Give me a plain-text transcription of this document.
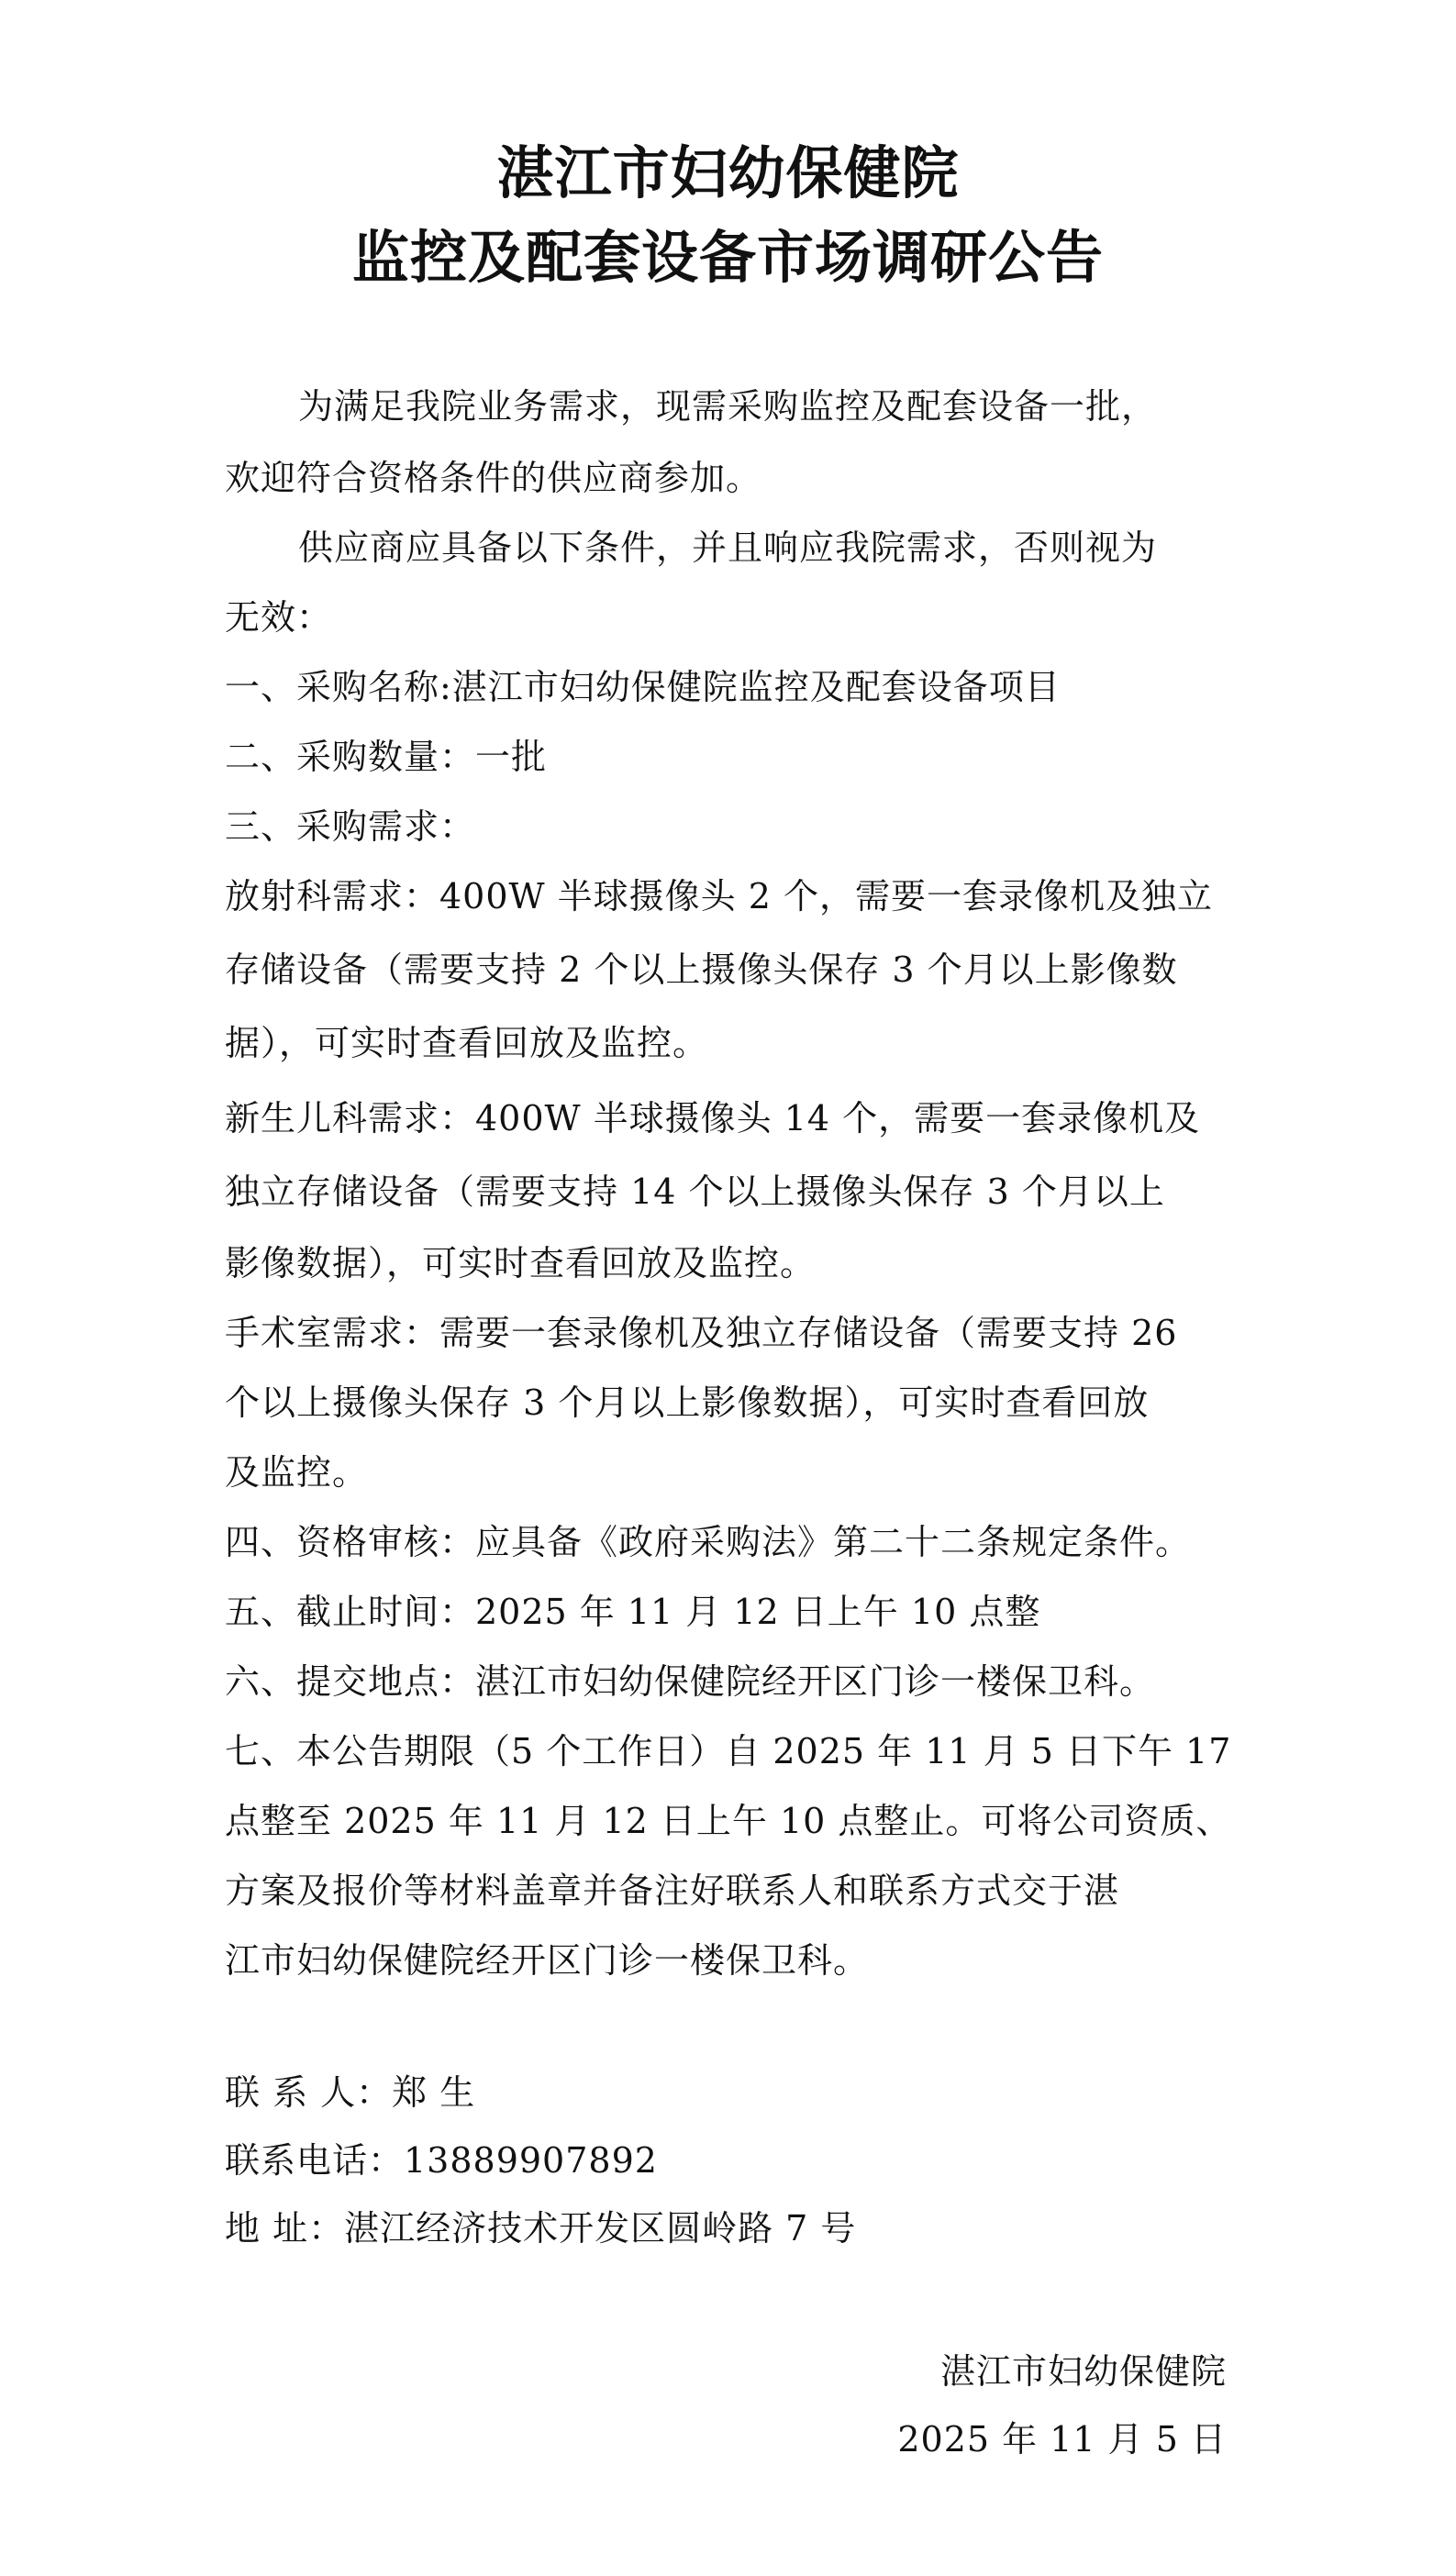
湛江市妇幼保健院
监控及配套设备市场调研公告
为满足我院业务需求，现需采购监控及配套设备一批，
欢迎符合资格条件的供应商参加。
供应商应具备以下条件，并且响应我院需求，否则视为
无效：
一、采购名称:湛江市妇幼保健院监控及配套设备项目
二、采购数量：一批
三、采购需求：
放射科需求：400W 半球摄像头 2 个，需要一套录像机及独立
存储设备（需要支持 2 个以上摄像头保存 3 个月以上影像数
据），可实时查看回放及监控。
新生儿科需求：400W 半球摄像头 14 个，需要一套录像机及
独立存储设备（需要支持 14 个以上摄像头保存 3 个月以上
影像数据），可实时查看回放及监控。
手术室需求：需要一套录像机及独立存储设备（需要支持 26
个以上摄像头保存 3 个月以上影像数据），可实时查看回放
及监控。
四、资格审核：应具备《政府采购法》第二十二条规定条件。
五、截止时间：2025 年 11 月 12 日上午 10 点整
六、提交地点：湛江市妇幼保健院经开区门诊一楼保卫科。
七、本公告期限（5 个工作日）自 2025 年 11 月 5 日下午 17
点整至 2025 年 11 月 12 日上午 10 点整止。可将公司资质、
方案及报价等材料盖章并备注好联系人和联系方式交于湛
江市妇幼保健院经开区门诊一楼保卫科。
联 系 人：郑 生
联系电话：13889907892
地 址：湛江经济技术开发区圆岭路 7 号
湛江市妇幼保健院
2025 年 11 月 5 日
